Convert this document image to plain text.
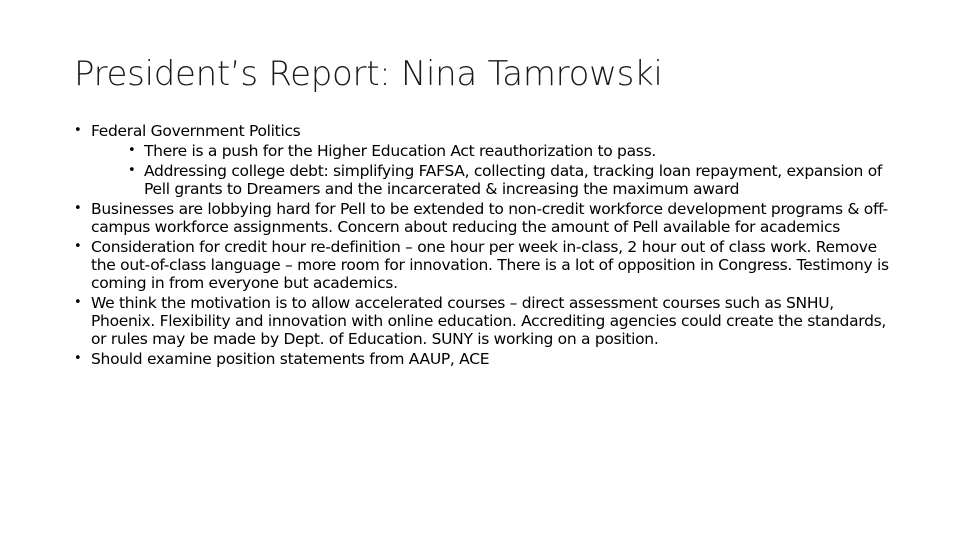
President’s Report: Nina Tamrowski
• Federal Government Politics
• There is a push for the Higher Education Act reauthorization to pass.
• Addressing college debt: simplifying FAFSA, collecting data, tracking loan repayment, expansion of Pell grants to Dreamers and the incarcerated & increasing the maximum award
• Businesses are lobbying hard for Pell to be extended to non-credit workforce development programs & off-campus workforce assignments. Concern about reducing the amount of Pell available for academics
• Consideration for credit hour re-definition – one hour per week in-class, 2 hour out of class work. Remove the out-of-class language – more room for innovation. There is a lot of opposition in Congress. Testimony is coming in from everyone but academics.
• We think the motivation is to allow accelerated courses – direct assessment courses such as SNHU, Phoenix. Flexibility and innovation with online education. Accrediting agencies could create the standards, or rules may be made by Dept. of Education. SUNY is working on a position.
• Should examine position statements from AAUP, ACE
